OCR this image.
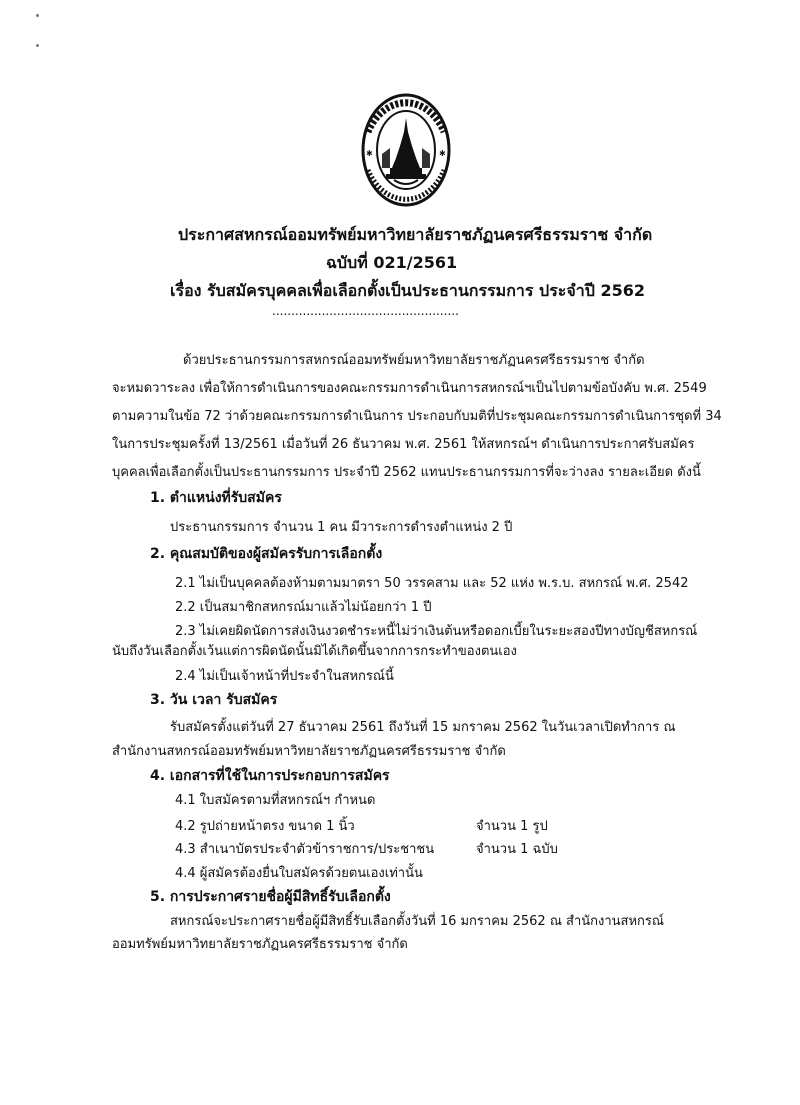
✱	✱
ประกาศสหกรณ์ออมทรัพย์มหาวิทยาลัยราชภัฏนครศรีธรรมราช จำกัด
ฉบับที่ 021/2561
เรื่อง รับสมัครบุคคลเพื่อเลือกตั้งเป็นประธานกรรมการ ประจำปี 2562
.................................................
ด้วยประธานกรรมการสหกรณ์ออมทรัพย์มหาวิทยาลัยราชภัฏนครศรีธรรมราช จำกัด
จะหมดวาระลง เพื่อให้การดำเนินการของคณะกรรมการดำเนินการสหกรณ์ฯเป็นไปตามข้อบังคับ พ.ศ. 2549
ตามความในข้อ 72 ว่าด้วยคณะกรรมการดำเนินการ ประกอบกับมติที่ประชุมคณะกรรมการดำเนินการชุดที่ 34
ในการประชุมครั้งที่ 13/2561 เมื่อวันที่ 26 ธันวาคม พ.ศ. 2561 ให้สหกรณ์ฯ ดำเนินการประกาศรับสมัคร
บุคคลเพื่อเลือกตั้งเป็นประธานกรรมการ ประจำปี 2562 แทนประธานกรรมการที่จะว่างลง รายละเอียด ดังนี้
1. ตำแหน่งที่รับสมัคร
ประธานกรรมการ จำนวน 1 คน มีวาระการดำรงตำแหน่ง 2 ปี
2. คุณสมบัติของผู้สมัครรับการเลือกตั้ง
2.1 ไม่เป็นบุคคลต้องห้ามตามมาตรา 50 วรรคสาม และ 52 แห่ง พ.ร.บ. สหกรณ์ พ.ศ. 2542
2.2 เป็นสมาชิกสหกรณ์มาแล้วไม่น้อยกว่า 1 ปี
2.3 ไม่เคยผิดนัดการส่งเงินงวดชำระหนี้ไม่ว่าเงินต้นหรือดอกเบี้ยในระยะสองปีทางบัญชีสหกรณ์
นับถึงวันเลือกตั้งเว้นแต่การผิดนัดนั้นมิได้เกิดขึ้นจากการกระทำของตนเอง
2.4 ไม่เป็นเจ้าหน้าที่ประจำในสหกรณ์นี้
3. วัน เวลา รับสมัคร
รับสมัครตั้งแต่วันที่ 27 ธันวาคม 2561 ถึงวันที่ 15 มกราคม 2562 ในวันเวลาเปิดทำการ ณ
สำนักงานสหกรณ์ออมทรัพย์มหาวิทยาลัยราชภัฏนครศรีธรรมราช จำกัด
4. เอกสารที่ใช้ในการประกอบการสมัคร
4.1 ใบสมัครตามที่สหกรณ์ฯ กำหนด
4.2 รูปถ่ายหน้าตรง ขนาด 1 นิ้ว	จำนวน 1 รูป
4.3 สำเนาบัตรประจำตัวข้าราชการ/ประชาชน	จำนวน 1 ฉบับ
4.4 ผู้สมัครต้องยื่นใบสมัครด้วยตนเองเท่านั้น
5. การประกาศรายชื่อผู้มีสิทธิ์รับเลือกตั้ง
สหกรณ์จะประกาศรายชื่อผู้มีสิทธิ์รับเลือกตั้งวันที่ 16 มกราคม 2562 ณ สำนักงานสหกรณ์
ออมทรัพย์มหาวิทยาลัยราชภัฏนครศรีธรรมราช จำกัด
